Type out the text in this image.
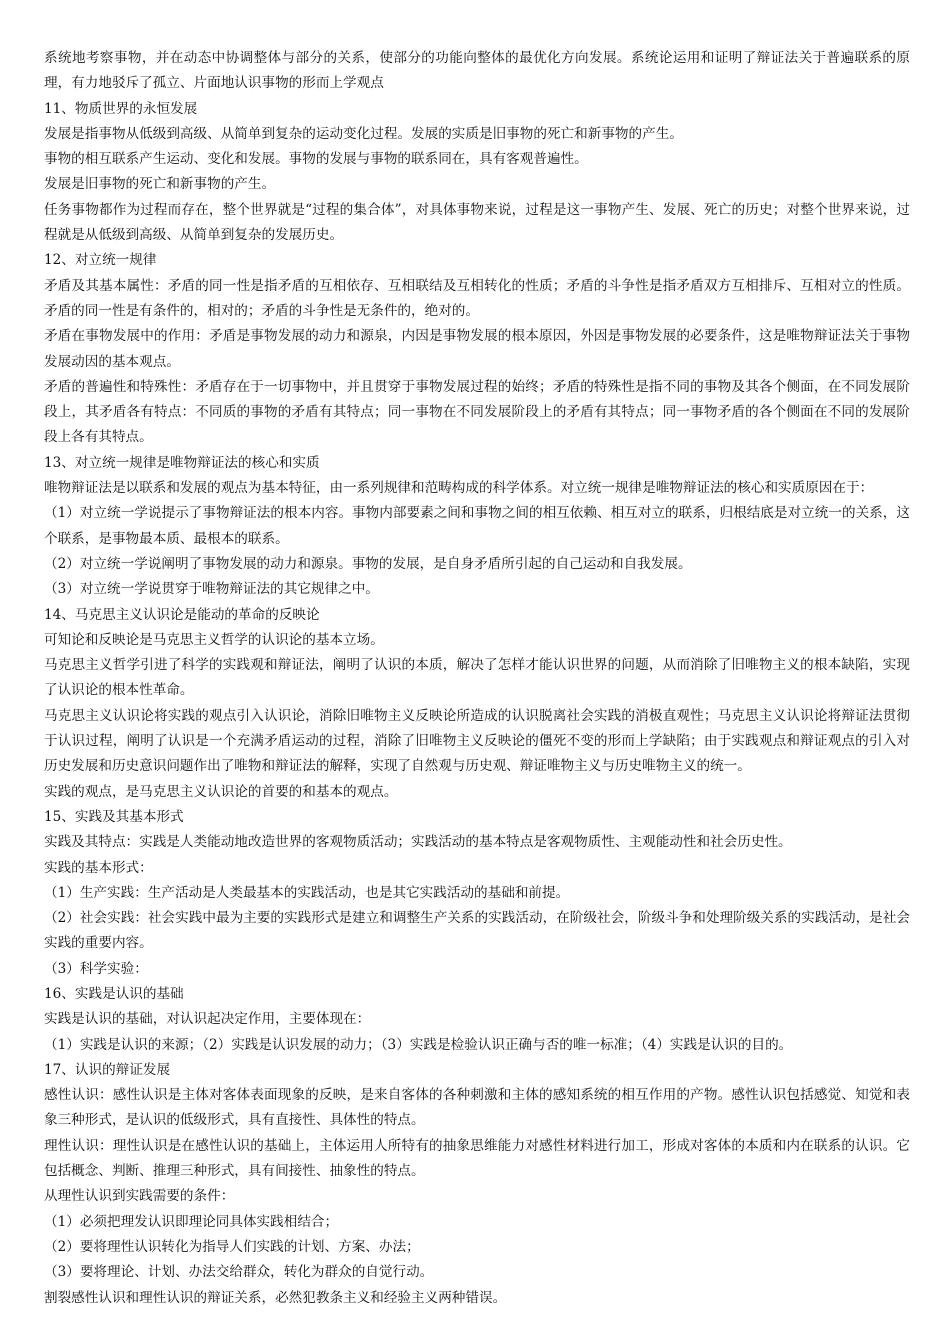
系统地考察事物，并在动态中协调整体与部分的关系，使部分的功能向整体的最优化方向发展。系统论运用和证明了辩证法关于普遍联系的原理，有力地驳斥了孤立、片面地认识事物的形而上学观点

11、物质世界的永恒发展

发展是指事物从低级到高级、从简单到复杂的运动变化过程。发展的实质是旧事物的死亡和新事物的产生。

事物的相互联系产生运动、变化和发展。事物的发展与事物的联系同在，具有客观普遍性。

发展是旧事物的死亡和新事物的产生。

任务事物都作为过程而存在，整个世界就是“过程的集合体”，对具体事物来说，过程是这一事物产生、发展、死亡的历史；对整个世界来说，过程就是从低级到高级、从简单到复杂的发展历史。

12、对立统一规律

矛盾及其基本属性：矛盾的同一性是指矛盾的互相依存、互相联结及互相转化的性质；矛盾的斗争性是指矛盾双方互相排斥、互相对立的性质。矛盾的同一性是有条件的，相对的；矛盾的斗争性是无条件的，绝对的。

矛盾在事物发展中的作用：矛盾是事物发展的动力和源泉，内因是事物发展的根本原因，外因是事物发展的必要条件，这是唯物辩证法关于事物发展动因的基本观点。

矛盾的普遍性和特殊性：矛盾存在于一切事物中，并且贯穿于事物发展过程的始终；矛盾的特殊性是指不同的事物及其各个侧面，在不同发展阶段上，其矛盾各有特点：不同质的事物的矛盾有其特点；同一事物在不同发展阶段上的矛盾有其特点；同一事物矛盾的各个侧面在不同的发展阶段上各有其特点。

13、对立统一规律是唯物辩证法的核心和实质

唯物辩证法是以联系和发展的观点为基本特征，由一系列规律和范畴构成的科学体系。对立统一规律是唯物辩证法的核心和实质原因在于：

（1）对立统一学说提示了事物辩证法的根本内容。事物内部要素之间和事物之间的相互依赖、相互对立的联系，归根结底是对立统一的关系，这个联系，是事物最本质、最根本的联系。

（2）对立统一学说阐明了事物发展的动力和源泉。事物的发展，是自身矛盾所引起的自己运动和自我发展。

（3）对立统一学说贯穿于唯物辩证法的其它规律之中。

14、马克思主义认识论是能动的革命的反映论

可知论和反映论是马克思主义哲学的认识论的基本立场。

马克思主义哲学引进了科学的实践观和辩证法，阐明了认识的本质，解决了怎样才能认识世界的问题，从而消除了旧唯物主义的根本缺陷，实现了认识论的根本性革命。

马克思主义认识论将实践的观点引入认识论，消除旧唯物主义反映论所造成的认识脱离社会实践的消极直观性；马克思主义认识论将辩证法贯彻于认识过程，阐明了认识是一个充满矛盾运动的过程，消除了旧唯物主义反映论的僵死不变的形而上学缺陷；由于实践观点和辩证观点的引入对历史发展和历史意识问题作出了唯物和辩证法的解释，实现了自然观与历史观、辩证唯物主义与历史唯物主义的统一。

实践的观点，是马克思主义认识论的首要的和基本的观点。

15、实践及其基本形式

实践及其特点：实践是人类能动地改造世界的客观物质活动；实践活动的基本特点是客观物质性、主观能动性和社会历史性。

实践的基本形式：

（1）生产实践：生产活动是人类最基本的实践活动，也是其它实践活动的基础和前提。

（2）社会实践：社会实践中最为主要的实践形式是建立和调整生产关系的实践活动，在阶级社会，阶级斗争和处理阶级关系的实践活动，是社会实践的重要内容。

（3）科学实验：

16、实践是认识的基础

实践是认识的基础，对认识起决定作用，主要体现在：

（1）实践是认识的来源；（2）实践是认识发展的动力；（3）实践是检验认识正确与否的唯一标准；（4）实践是认识的目的。

17、认识的辩证发展

感性认识：感性认识是主体对客体表面现象的反映，是来自客体的各种刺激和主体的感知系统的相互作用的产物。感性认识包括感觉、知觉和表象三种形式，是认识的低级形式，具有直接性、具体性的特点。

理性认识：理性认识是在感性认识的基础上，主体运用人所特有的抽象思维能力对感性材料进行加工，形成对客体的本质和内在联系的认识。它包括概念、判断、推理三种形式，具有间接性、抽象性的特点。

从理性认识到实践需要的条件：

（1）必须把理发认识即理论同具体实践相结合；

（2）要将理性认识转化为指导人们实践的计划、方案、办法；

（3）要将理论、计划、办法交给群众，转化为群众的自觉行动。

割裂感性认识和理性认识的辩证关系，必然犯教条主义和经验主义两种错误。
